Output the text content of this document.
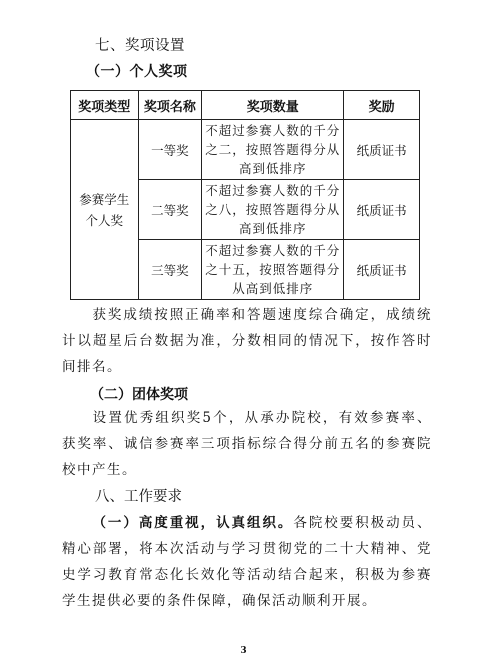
七、奖项设置
（一）个人奖项
奖项类型	奖项名称	奖项数量	奖励

参赛学生
个人奖	一等奖	不超过参赛人数的千分之二，按照答题得分从高到低排序	纸质证书
	二等奖	不超过参赛人数的千分之八，按照答题得分从高到低排序	纸质证书
	三等奖	不超过参赛人数的千分之十五，按照答题得分从高到低排序	纸质证书
  获奖成绩按照正确率和答题速度综合确定，成绩统计以超星后台数据为准，分数相同的情况下，按作答时间排名。
（二）团体奖项
  设置优秀组织奖5个，从承办院校，有效参赛率、获奖率、诚信参赛率三项指标综合得分前五名的参赛院校中产生。
八、工作要求
  （一）高度重视，认真组织。各院校要积极动员、精心部署，将本次活动与学习贯彻党的二十大精神、党史学习教育常态化长效化等活动结合起来，积极为参赛学生提供必要的条件保障，确保活动顺利开展。
3
